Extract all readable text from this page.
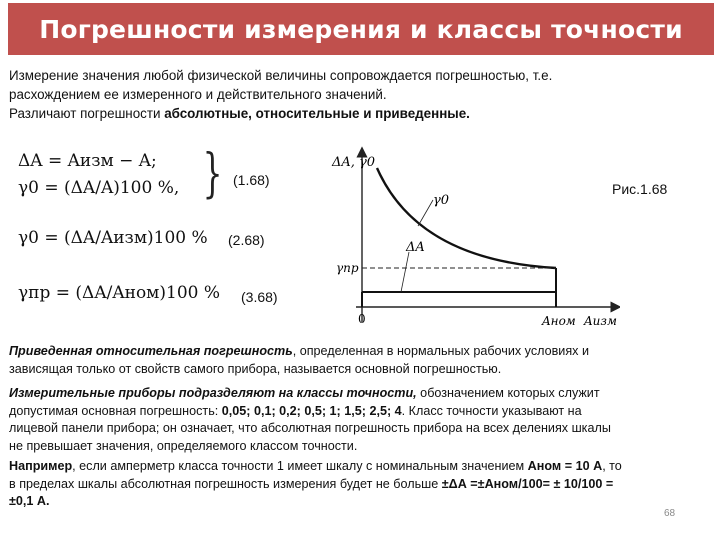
Погрешности измерения и классы точности

Измерение значения любой физической величины сопровождается погрешностью, т.е.

расхождением ее измеренного и действительного значений.

Различают погрешности абсолютные, относительные и приведенные.

ΔA = Aизм − A;
γ0 = (ΔA/A)100 %, }
γ0 = (ΔA/Aизм)100 %
γпр = (ΔA/Aном)100 %
(1.68)
(2.68)
(3.68)
Рис.1.68
ΔA, γ0
γ0
ΔA
γпр
0	Aном Aизм

Приведенная относительная погрешность, определенная в нормальных рабочих условиях и

зависящая только от свойств самого прибора, называется основной погрешностью.

Измерительные приборы подразделяют на классы точности, обозначением которых служит

допустимая основная погрешность: 0,05; 0,1; 0,2; 0,5; 1; 1,5; 2,5; 4. Класс точности указывают на

лицевой панели прибора; он означает, что абсолютная погрешность прибора на всех делениях шкалы

не превышает значения, определяемого классом точности.

Например, если амперметр класса точности 1 имеет шкалу с номинальным значением Аном = 10 А, то

в пределах шкалы абсолютная погрешность измерения будет не больше ±ΔА =±Аном/100= ± 10/100 =

±0,1 А.

68
